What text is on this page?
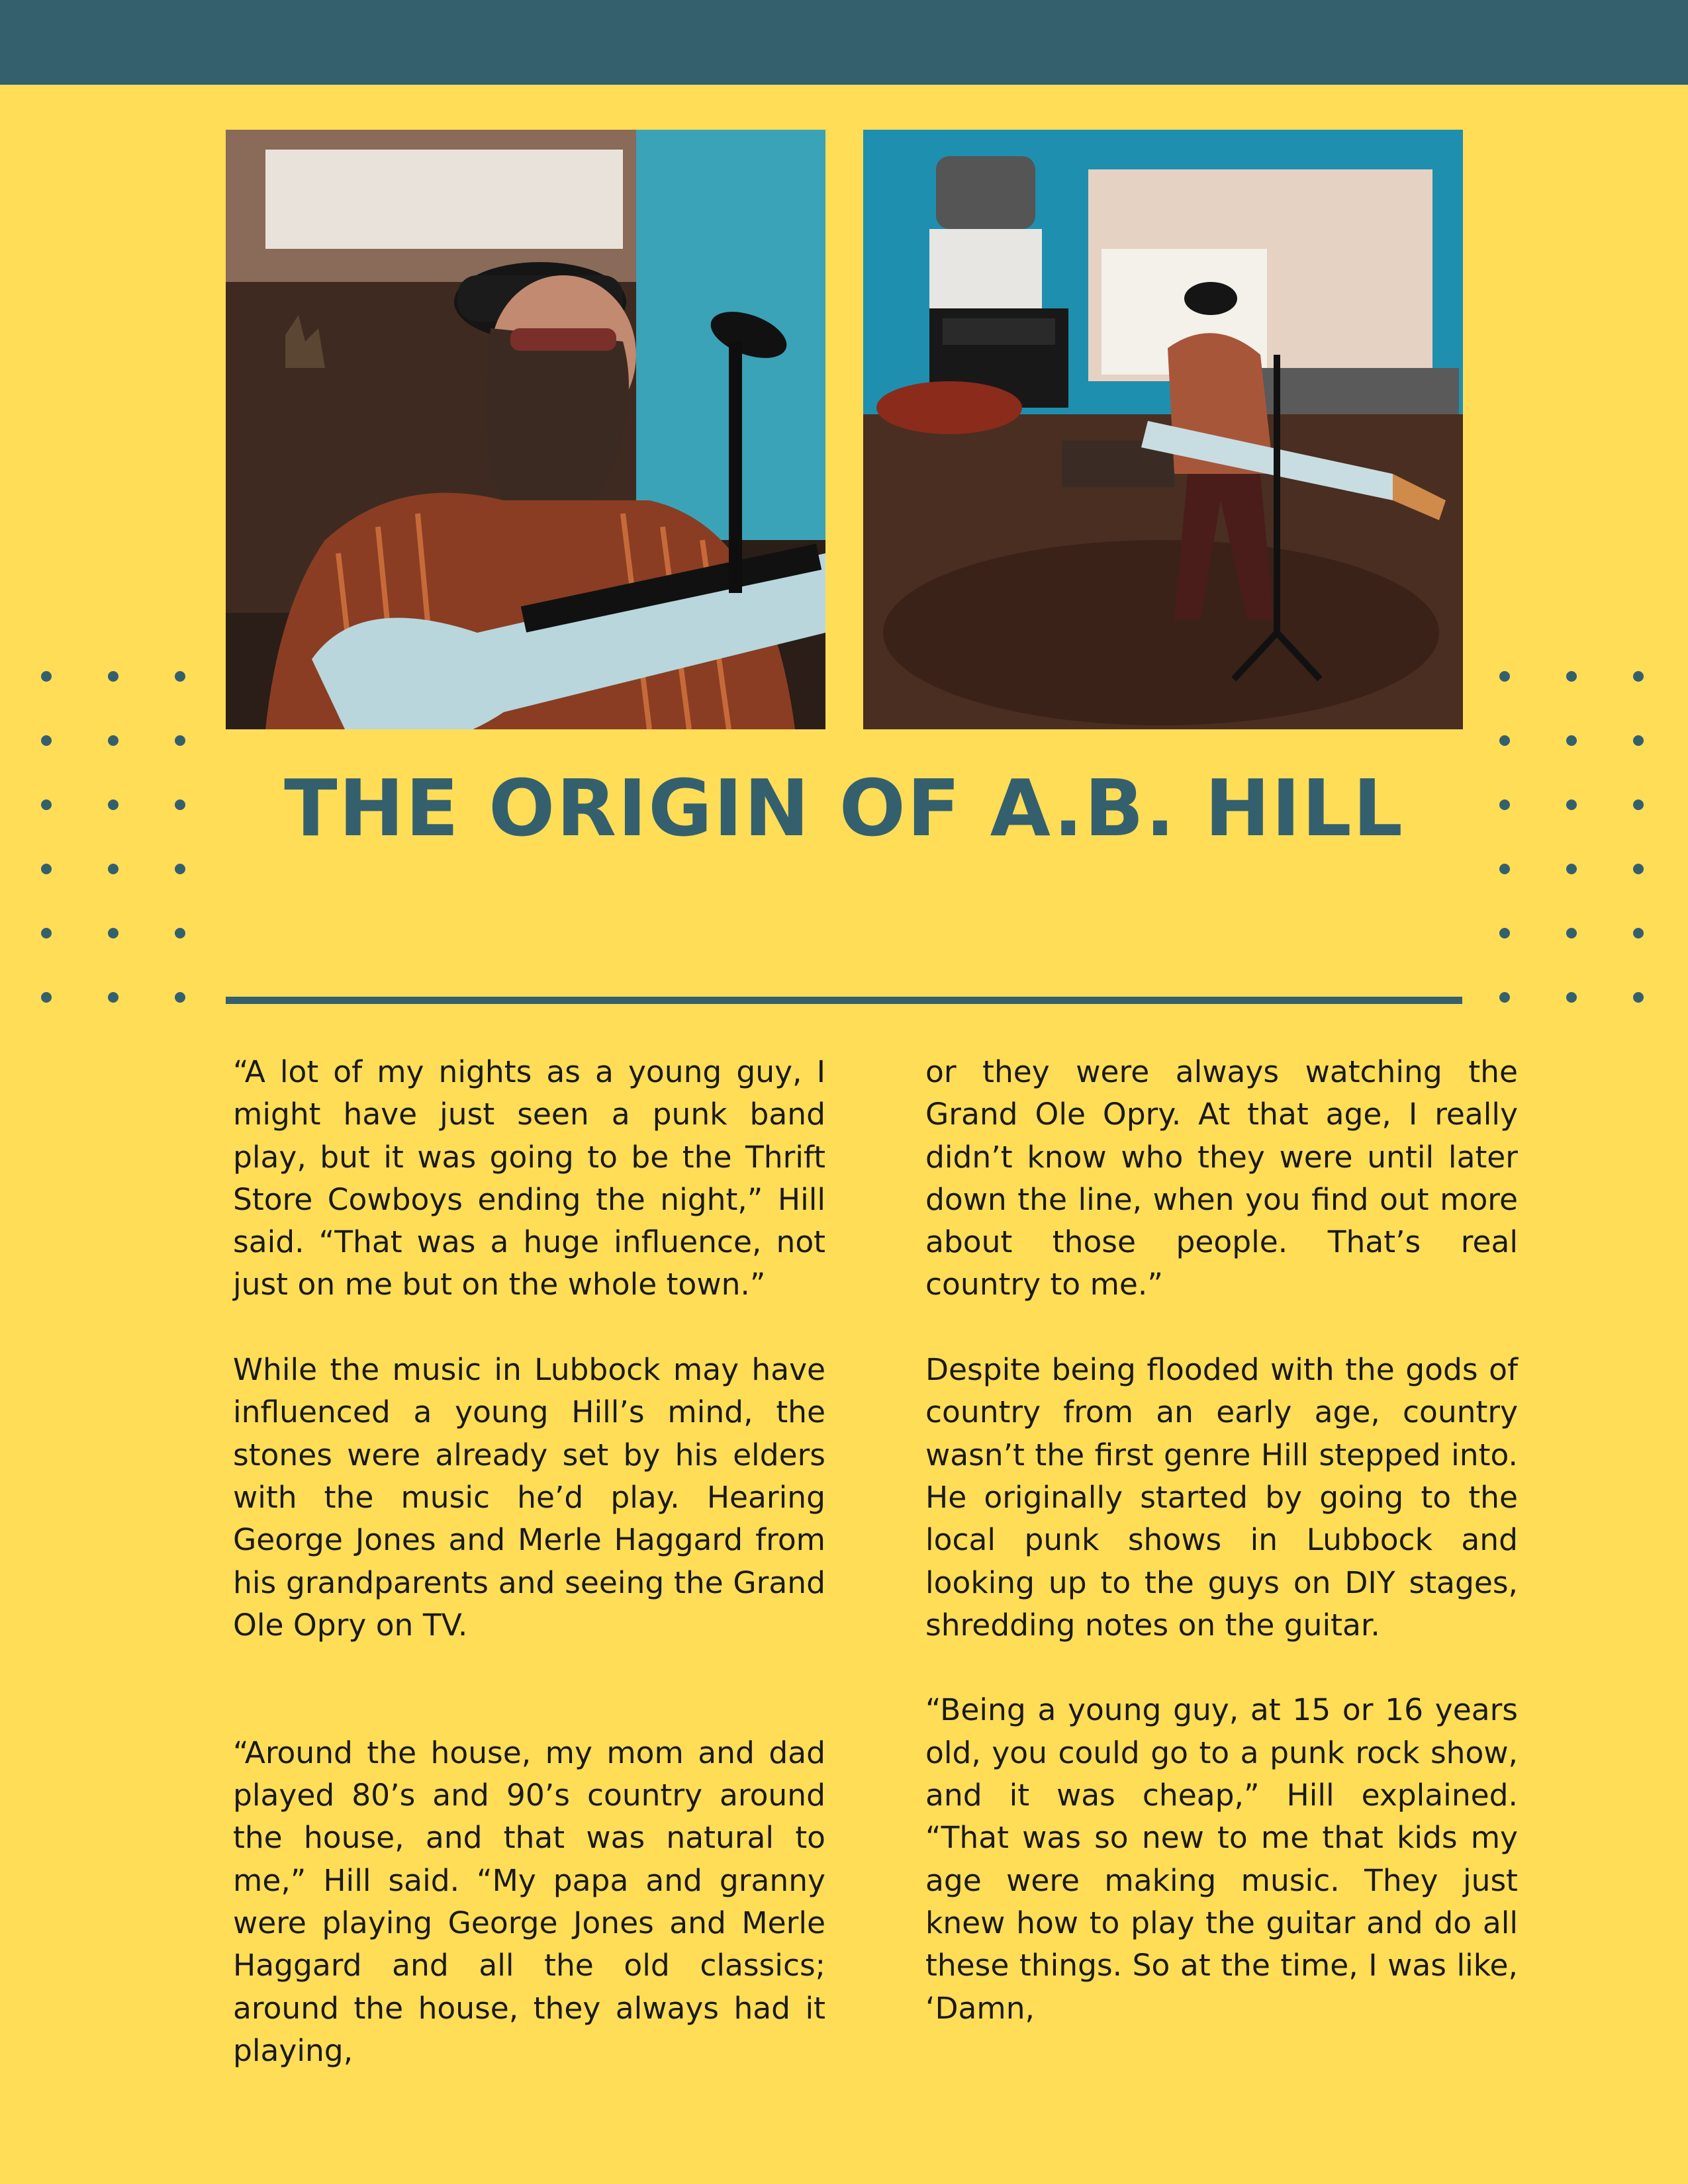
THE ORIGIN OF A.B. HILL

“A lot of my nights as a young guy, I might have just seen a punk band play, but it was going to be the Thrift Store Cowboys ending the night,” Hill said. “That was a huge influence, not just on me but on the whole town.”

While the music in Lubbock may have influenced a young Hill’s mind, the stones were already set by his elders with the music he’d play. Hearing George Jones and Merle Haggard from his grandparents and seeing the Grand Ole Opry on TV.

“Around the house, my mom and dad played 80’s and 90’s country around the house, and that was natural to me,” Hill said. “My papa and granny were playing George Jones and Merle Haggard and all the old classics; around the house, they always had it playing,

or they were always watching the Grand Ole Opry. At that age, I really didn’t know who they were until later down the line, when you find out more about those people. That’s real country to me.”

Despite being flooded with the gods of country from an early age, country wasn’t the first genre Hill stepped into. He originally started by going to the local punk shows in Lubbock and looking up to the guys on DIY stages, shredding notes on the guitar.

“Being a young guy, at 15 or 16 years old, you could go to a punk rock show, and it was cheap,” Hill explained. “That was so new to me that kids my age were making music. They just knew how to play the guitar and do all these things. So at the time, I was like, ‘Damn,
